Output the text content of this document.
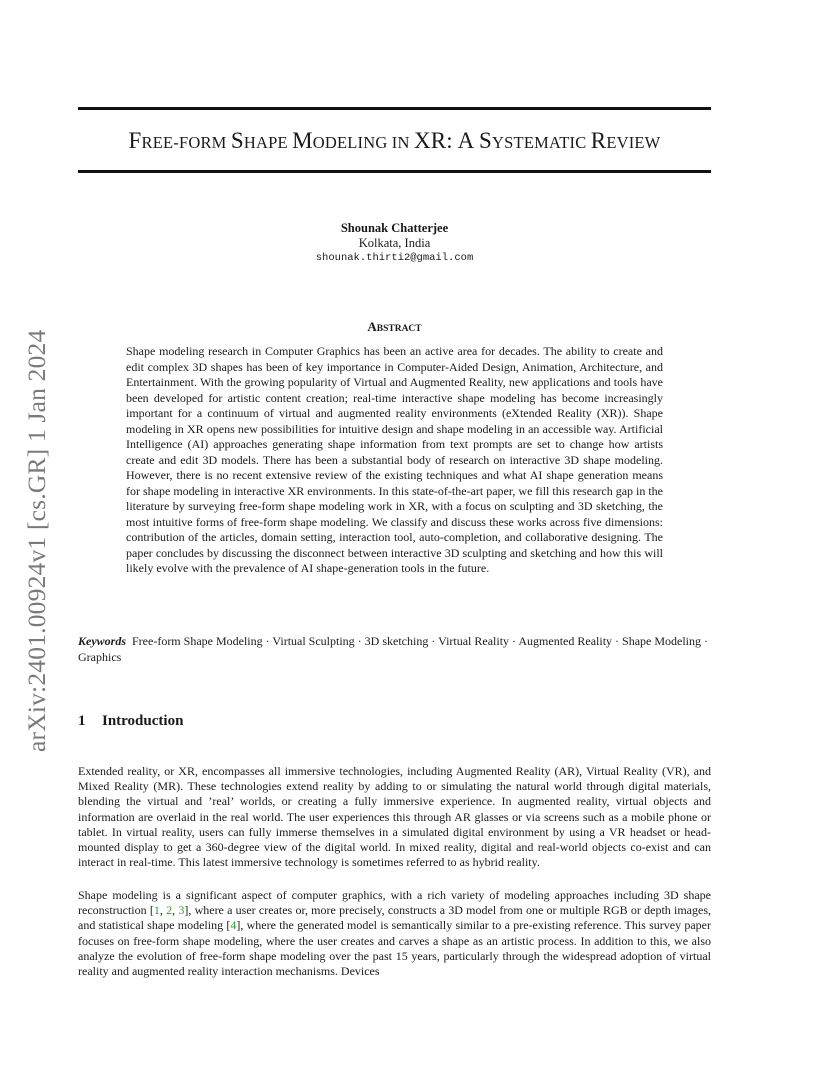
arXiv:2401.00924v1 [cs.GR] 1 Jan 2024
FREE-FORM SHAPE MODELING IN XR: A SYSTEMATIC REVIEW
Shounak Chatterjee
Kolkata, India
shounak.thirti2@gmail.com
ABSTRACT

Shape modeling research in Computer Graphics has been an active area for decades. The ability to create and edit complex 3D shapes has been of key importance in Computer-Aided Design, Animation, Architecture, and Entertainment. With the growing popularity of Virtual and Augmented Reality, new applications and tools have been developed for artistic content creation; real-time interactive shape modeling has become increasingly important for a continuum of virtual and augmented reality environments (eXtended Reality (XR)). Shape modeling in XR opens new possibilities for intuitive design and shape modeling in an accessible way. Artificial Intelligence (AI) approaches generating shape information from text prompts are set to change how artists create and edit 3D models. There has been a substantial body of research on interactive 3D shape modeling. However, there is no recent extensive review of the existing techniques and what AI shape generation means for shape modeling in interactive XR environments. In this state-of-the-art paper, we fill this research gap in the literature by surveying free-form shape modeling work in XR, with a focus on sculpting and 3D sketching, the most intuitive forms of free-form shape modeling. We classify and discuss these works across five dimensions: contribution of the articles, domain setting, interaction tool, auto-completion, and collaborative designing. The paper concludes by discussing the disconnect between interactive 3D sculpting and sketching and how this will likely evolve with the prevalence of AI shape-generation tools in the future.

Keywords Free-form Shape Modeling · Virtual Sculpting · 3D sketching · Virtual Reality · Augmented Reality · Shape Modeling · Graphics

1 Introduction

Extended reality, or XR, encompasses all immersive technologies, including Augmented Reality (AR), Virtual Reality (VR), and Mixed Reality (MR). These technologies extend reality by adding to or simulating the natural world through digital materials, blending the virtual and ’real’ worlds, or creating a fully immersive experience. In augmented reality, virtual objects and information are overlaid in the real world. The user experiences this through AR glasses or via screens such as a mobile phone or tablet. In virtual reality, users can fully immerse themselves in a simulated digital environment by using a VR headset or head-mounted display to get a 360-degree view of the digital world. In mixed reality, digital and real-world objects co-exist and can interact in real-time. This latest immersive technology is sometimes referred to as hybrid reality.

Shape modeling is a significant aspect of computer graphics, with a rich variety of modeling approaches including 3D shape reconstruction [1, 2, 3], where a user creates or, more precisely, constructs a 3D model from one or multiple RGB or depth images, and statistical shape modeling [4], where the generated model is semantically similar to a pre-existing reference. This survey paper focuses on free-form shape modeling, where the user creates and carves a shape as an artistic process. In addition to this, we also analyze the evolution of free-form shape modeling over the past 15 years, particularly through the widespread adoption of virtual reality and augmented reality interaction mechanisms. Devices
